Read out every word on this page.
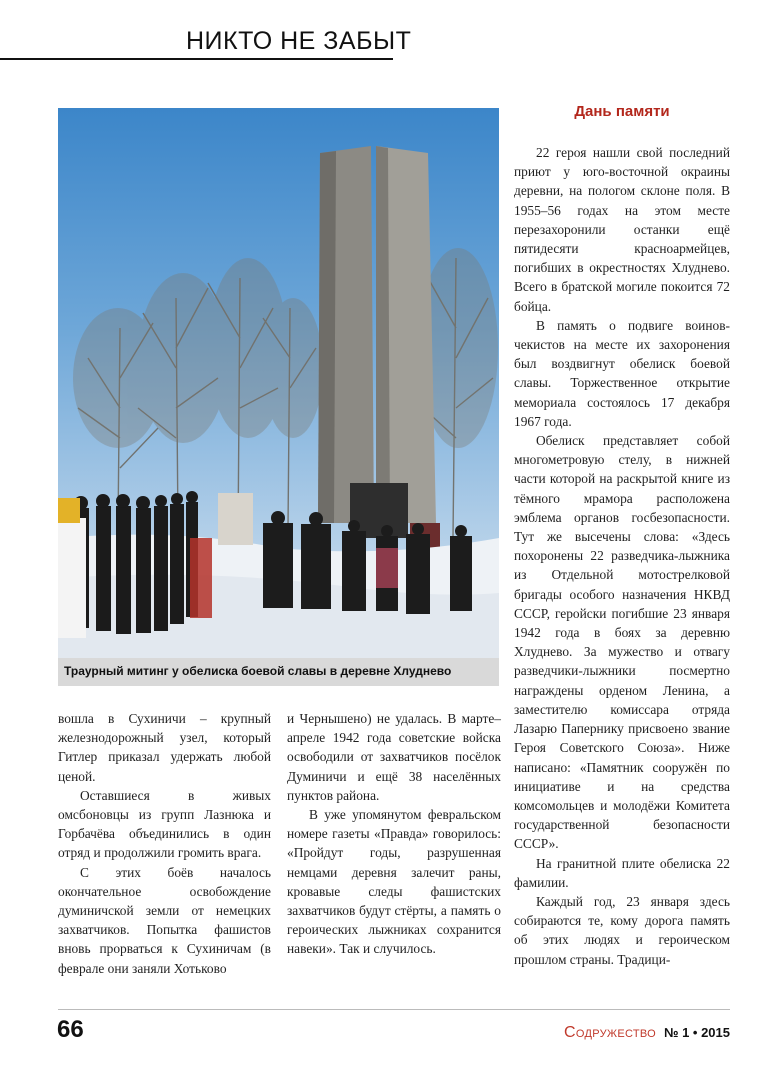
НИКТО НЕ ЗАБЫТ
Траурный митинг у обелиска боевой славы в деревне Хлуднево
Дань памяти

22 героя нашли свой последний приют у юго-восточной окраины деревни, на пологом склоне поля. В 1955–56 годах на этом месте перезахоронили останки ещё пятидесяти красноармейцев, погибших в окрестностях Хлуднево. Всего в братской могиле покоится 72 бойца.

В память о подвиге воинов-чекистов на месте их захоронения был воздвигнут обелиск боевой славы. Торжественное открытие мемориала состоялось 17 декабря 1967 года.

Обелиск представляет собой многометровую стелу, в нижней части которой на раскрытой книге из тёмного мрамора расположена эмблема органов госбезопасности. Тут же высечены слова: «Здесь похоронены 22 разведчика-лыжника из Отдельной мотострелковой бригады особого назначения НКВД СССР, геройски погибшие 23 января 1942 года в боях за деревню Хлуднево. За мужество и отвагу разведчики-лыжники посмертно награждены орденом Ленина, а заместителю комиссара отряда Лазарю Папернику присвоено звание Героя Советского Союза». Ниже написано: «Памятник сооружён по инициативе и на средства комсомольцев и молодёжи Комитета государственной безопасности СССР».

На гранитной плите обелиска 22 фамилии.

Каждый год, 23 января здесь собираются те, кому дорога память об этих людях и героическом прошлом страны. Традици-

вошла в Сухиничи – крупный железнодорожный узел, который Гитлер приказал удержать любой ценой.

Оставшиеся в живых омсбоновцы из групп Лазнюка и Горбачёва объединились в один отряд и продолжили громить врага.

С этих боёв началось окончательное освобождение думиничской земли от немецких захватчиков. Попытка фашистов вновь прорваться к Сухиничам (в феврале они заняли Хотьково

и Чернышено) не удалась. В марте–апреле 1942 года советские войска освободили от захватчиков посёлок Думиничи и ещё 38 населённых пунктов района.

В уже упомянутом февральском номере газеты «Правда» говорилось: «Пройдут годы, разрушенная немцами деревня залечит раны, кровавые следы фашистских захватчиков будут стёрты, а память о героических лыжниках сохранится навеки». Так и случилось.

66	Содружество № 1 • 2015
